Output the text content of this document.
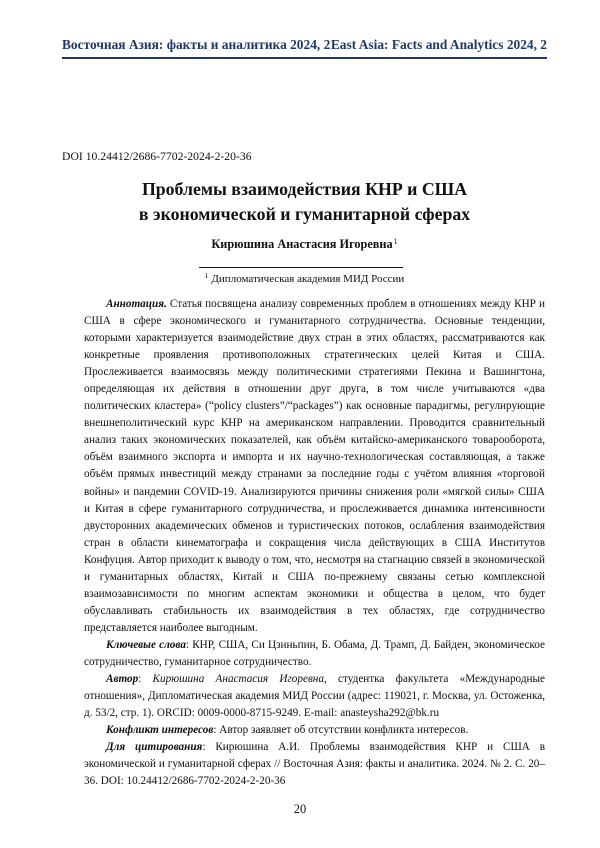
Восточная Азия: факты и аналитика 2024, 2 East Asia: Facts and Analytics 2024, 2
DOI 10.24412/2686-7702-2024-2-20-36
Проблемы взаимодействия КНР и США
в экономической и гуманитарной сферах
Кирюшина Анастасия Игоревна$^1$
$^1$ Дипломатическая академия МИД России

Аннотация. Статья посвящена анализу современных проблем в отношениях между КНР и США в сфере экономического и гуманитарного сотрудничества. Основные тенденции, которыми характеризуется взаимодействие двух стран в этих областях, рассматриваются как конкретные проявления противоположных стратегических целей Китая и США. Прослеживается взаимосвязь между политическими стратегиями Пекина и Вашингтона, определяющая их действия в отношении друг друга, в том числе учитываются «два политических кластера» (“policy clusters”/“packages”) как основные парадигмы, регулирующие внешнеполитический курс КНР на американском направлении. Проводится сравнительный анализ таких экономических показателей, как объём китайско-американского товарооборота, объём взаимного экспорта и импорта и их научно-технологическая составляющая, а также объём прямых инвестиций между странами за последние годы с учётом влияния «торговой войны» и пандемии COVID-19. Анализируются причины снижения роли «мягкой силы» США и Китая в сфере гуманитарного сотрудничества, и прослеживается динамика интенсивности двусторонних академических обменов и туристических потоков, ослабления взаимодействия стран в области кинематографа и сокращения числа действующих в США Институтов Конфуция. Автор приходит к выводу о том, что, несмотря на стагнацию связей в экономической и гуманитарных областях, Китай и США по-прежнему связаны сетью комплексной взаимозависимости по многим аспектам экономики и общества в целом, что будет обуславливать стабильность их взаимодействия в тех областях, где сотрудничество представляется наиболее выгодным.

Ключевые слова: КНР, США, Си Цзиньпин, Б. Обама, Д. Трамп, Д. Байден, экономическое сотрудничество, гуманитарное сотрудничество.

Автор: Кирюшина Анастасия Игоревна, студентка факультета «Международные отношения», Дипломатическая академия МИД России (адрес: 119021, г. Москва, ул. Остоженка, д. 53/2, стр. 1). ORCID: 0009-0000-8715-9249. E-mail: anasteysha292@bk.ru

Конфликт интересов: Автор заявляет об отсутствии конфликта интересов.

Для цитирования: Кирюшина А.И. Проблемы взаимодействия КНР и США в экономической и гуманитарной сферах // Восточная Азия: факты и аналитика. 2024. № 2. С. 20–36. DOI: 10.24412/2686-7702-2024-2-20-36

20
